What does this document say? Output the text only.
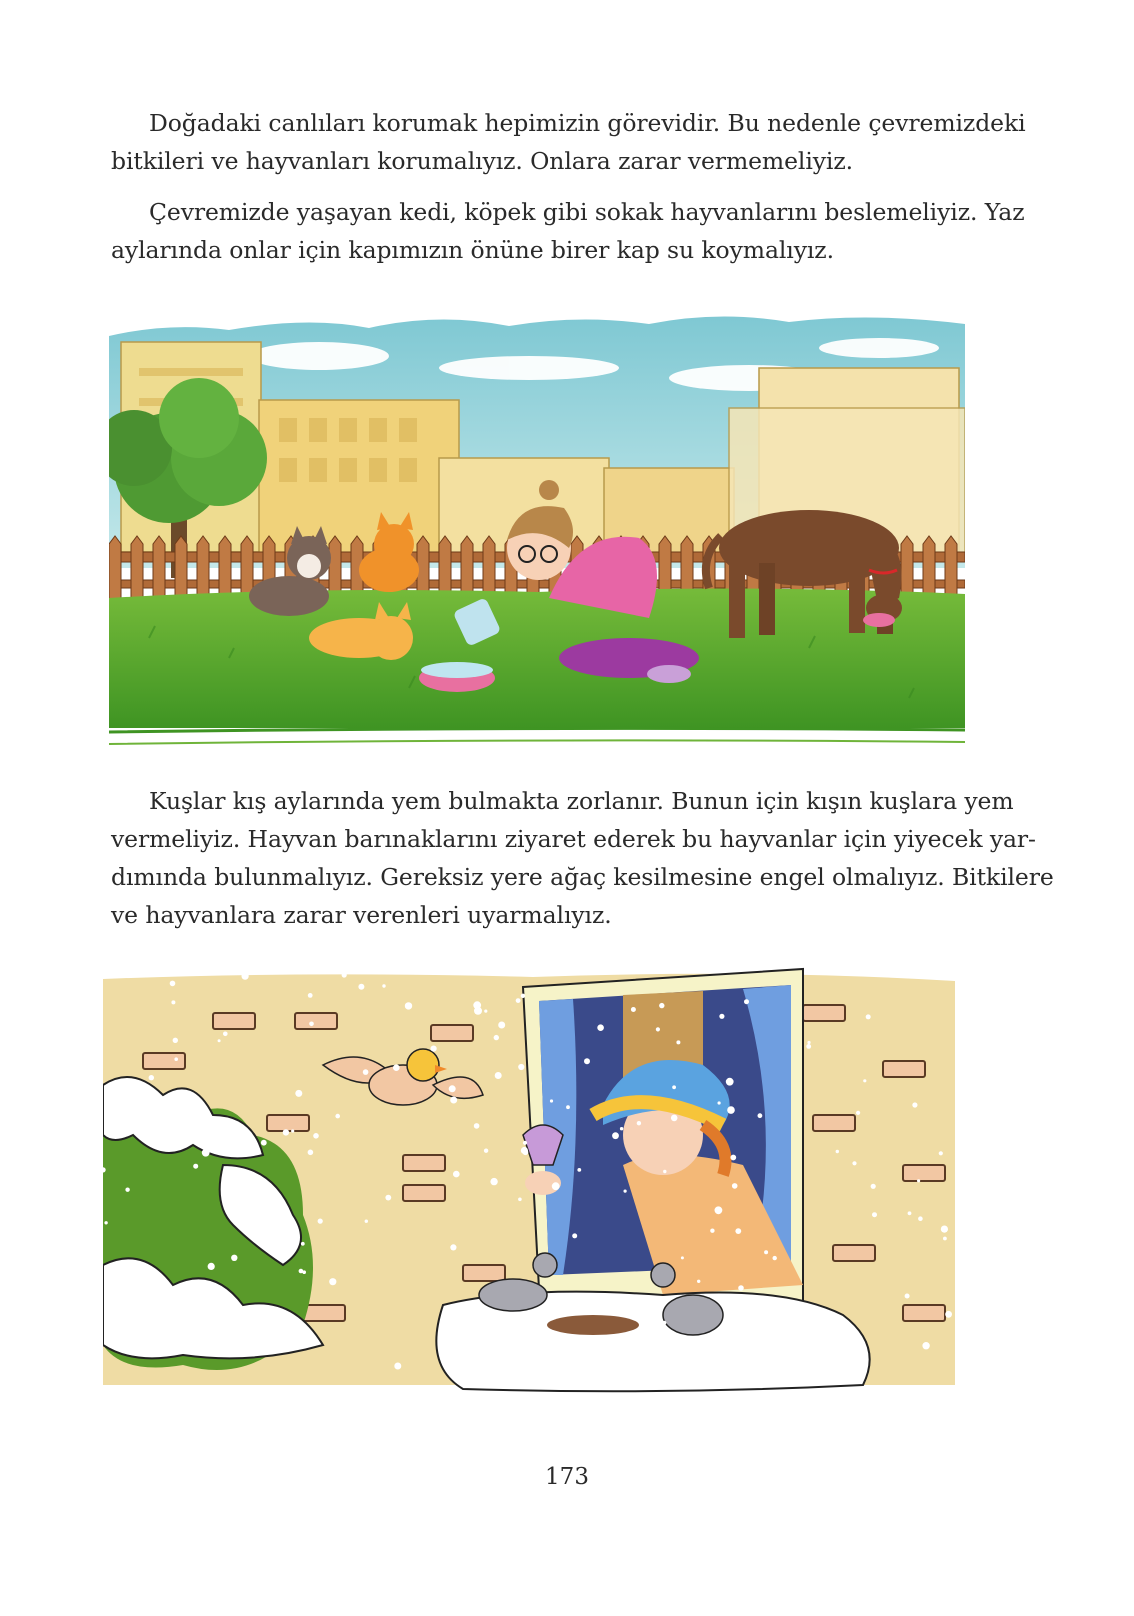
Doğadaki canlıları korumak hepimizin görevidir. Bu nedenle çevremizdeki
bitkileri ve hayvanları korumalıyız. Onlara zarar vermemeliyiz.

Çevremizde yaşayan kedi, köpek gibi sokak hayvanlarını beslemeliyiz. Yaz
aylarında onlar için kapımızın önüne birer kap su koymalıyız.

Kuşlar kış aylarında yem bulmakta zorlanır. Bunun için kışın kuşlara yem
vermeliyiz. Hayvan barınaklarını ziyaret ederek bu hayvanlar için yiyecek yar-
dımında bulunmalıyız. Gereksiz yere ağaç kesilmesine engel olmalıyız. Bitkilere
ve hayvanlara zarar verenleri uyarmalıyız.

173
